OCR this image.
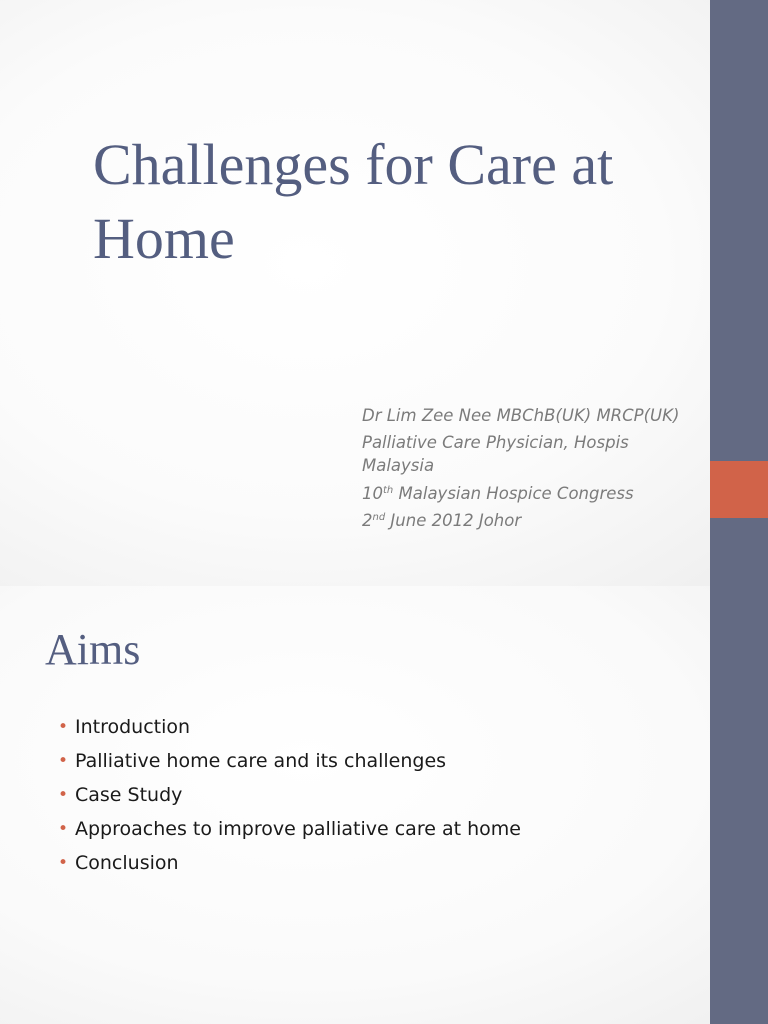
Challenges for Care at Home
Dr Lim Zee Nee MBChB(UK) MRCP(UK)
Palliative Care Physician, Hospis
Malaysia
10th Malaysian Hospice Congress
2nd June 2012 Johor
Aims
• Introduction
• Palliative home care and its challenges
• Case Study
• Approaches to improve palliative care at home
• Conclusion
